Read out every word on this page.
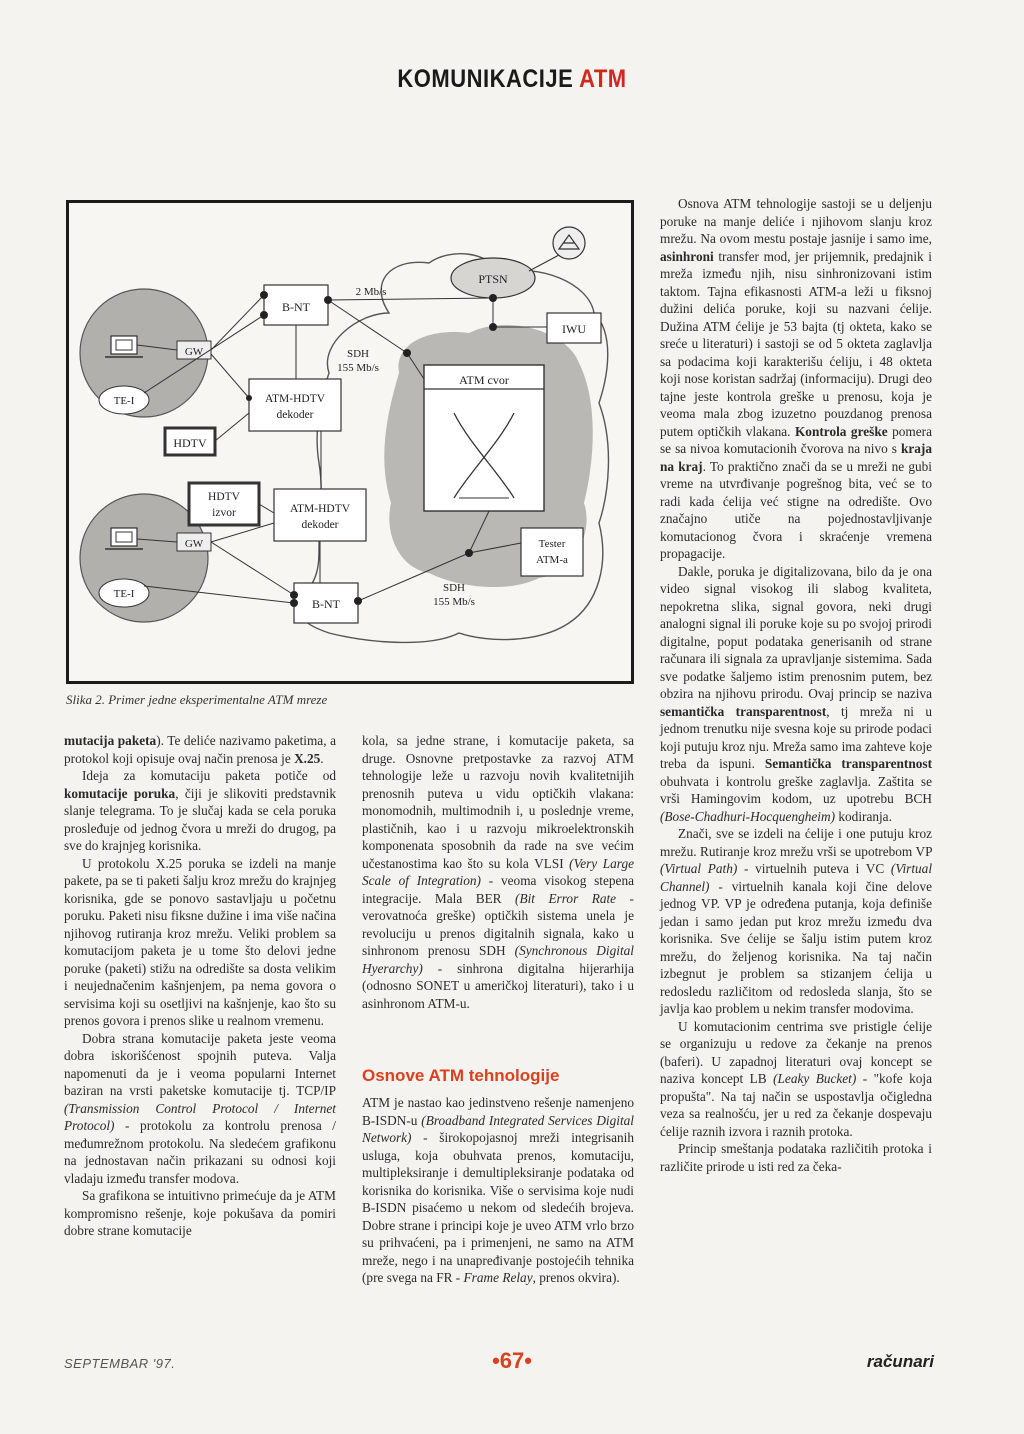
KOMUNIKACIJE ATM
PTSN
IWU
ATM cvor
Tester
ATM-a
B-NT
ATM-HDTV
dekoder
HDTV
GW
TE-I
HDTV
izvor	ATM-HDTV
dekoder
GW
TE-I
B-NT
2 Mb/s
SDH
155 Mb/s
SDH
155 Mb/s
Slika 2. Primer jedne eksperimentalne ATM mreze

mutacija paketa). Te deliće nazivamo paketima, a protokol koji opisuje ovaj način prenosa je X.25.

Ideja za komutaciju paketa potiče od komutacije poruka, čiji je slikoviti predstavnik slanje telegrama. To je slučaj kada se cela poruka prosleđuje od jednog čvora u mreži do drugog, pa sve do krajnjeg korisnika.

U protokolu X.25 poruka se izdeli na manje pakete, pa se ti paketi šalju kroz mrežu do krajnjeg korisnika, gde se ponovo sastavljaju u početnu poruku. Paketi nisu fiksne dužine i ima više načina njihovog rutiranja kroz mrežu. Veliki problem sa komutacijom paketa je u tome što delovi jedne poruke (paketi) stižu na odredište sa dosta velikim i neujednačenim kašnjenjem, pa nema govora o servisima koji su osetljivi na kašnjenje, kao što su prenos govora i prenos slike u realnom vremenu.

Dobra strana komutacije paketa jeste veoma dobra iskorišćenost spojnih puteva. Valja napomenuti da je i veoma popularni Internet baziran na vrsti paketske komutacije tj. TCP/IP (Transmission Control Protocol / Internet Protocol) - protokolu za kontrolu prenosa / međumrežnom protokolu. Na sledećem grafikonu na jednostavan način prikazani su odnosi koji vladaju između transfer modova.

Sa grafikona se intuitivno primećuje da je ATM kompromisno rešenje, koje pokušava da pomiri dobre strane komutacije

kola, sa jedne strane, i komutacije paketa, sa druge. Osnovne pretpostavke za razvoj ATM tehnologije leže u razvoju novih kvalitetnijih prenosnih puteva u vidu optičkih vlakana: monomodnih, multimodnih i, u poslednje vreme, plastičnih, kao i u razvoju mikroelektronskih komponenata sposobnih da rade na sve većim učestanostima kao što su kola VLSI (Very Large Scale of Integration) - veoma visokog stepena integracije. Mala BER (Bit Error Rate - verovatnoća greške) optičkih sistema unela je revoluciju u prenos digitalnih signala, kako u sinhronom prenosu SDH (Synchronous Digital Hyerarchy) - sinhrona digitalna hijerarhija (odnosno SONET u američkoj literaturi), tako i u asinhronom ATM-u.

Osnove ATM tehnologije

ATM je nastao kao jedinstveno rešenje namenjeno B-ISDN-u (Broadband Integrated Services Digital Network) - širokopojasnoj mreži integrisanih usluga, koja obuhvata prenos, komutaciju, multipleksiranje i demultipleksiranje podataka od korisnika do korisnika. Više o servisima koje nudi B-ISDN pisaćemo u nekom od sledećih brojeva. Dobre strane i principi koje je uveo ATM vrlo brzo su prihvaćeni, pa i primenjeni, ne samo na ATM mreže, nego i na unapređivanje postojećih tehnika (pre svega na FR - Frame Relay, prenos okvira).

Osnova ATM tehnologije sastoji se u deljenju poruke na manje deliće i njihovom slanju kroz mrežu. Na ovom mestu postaje jasnije i samo ime, asinhroni transfer mod, jer prijemnik, predajnik i mreža između njih, nisu sinhronizovani istim taktom. Tajna efikasnosti ATM-a leži u fiksnoj dužini delića poruke, koji su nazvani ćelije. Dužina ATM ćelije je 53 bajta (tj okteta, kako se sreće u literaturi) i sastoji se od 5 okteta zaglavlja sa podacima koji karakterišu ćeliju, i 48 okteta koji nose koristan sadržaj (informaciju). Drugi deo tajne jeste kontrola greške u prenosu, koja je veoma mala zbog izuzetno pouzdanog prenosa putem optičkih vlakana. Kontrola greške pomera se sa nivoa komutacionih čvorova na nivo s kraja na kraj. To praktično znači da se u mreži ne gubi vreme na utvrđivanje pogrešnog bita, već se to radi kada ćelija već stigne na odredište. Ovo značajno utiče na pojednostavljivanje komutacionog čvora i skraćenje vremena propagacije.

Dakle, poruka je digitalizovana, bilo da je ona video signal visokog ili slabog kvaliteta, nepokretna slika, signal govora, neki drugi analogni signal ili poruke koje su po svojoj prirodi digitalne, poput podataka generisanih od strane računara ili signala za upravljanje sistemima. Sada sve podatke šaljemo istim prenosnim putem, bez obzira na njihovu prirodu. Ovaj princip se naziva semantička transparentnost, tj mreža ni u jednom trenutku nije svesna koje su prirode podaci koji putuju kroz nju. Mreža samo ima zahteve koje treba da ispuni. Semantička transparentnost obuhvata i kontrolu greške zaglavlja. Zaštita se vrši Hamingovim kodom, uz upotrebu BCH (Bose-Chadhuri-Hocquengheim) kodiranja.

Znači, sve se izdeli na ćelije i one putuju kroz mrežu. Rutiranje kroz mrežu vrši se upotrebom VP (Virtual Path) - virtuelnih puteva i VC (Virtual Channel) - virtuelnih kanala koji čine delove jednog VP. VP je određena putanja, koja definiše jedan i samo jedan put kroz mrežu između dva korisnika. Sve ćelije se šalju istim putem kroz mrežu, do željenog korisnika. Na taj način izbegnut je problem sa stizanjem ćelija u redosledu različitom od redosleda slanja, što se javlja kao problem u nekim transfer modovima.

U komutacionim centrima sve pristigle ćelije se organizuju u redove za čekanje na prenos (baferi). U zapadnoj literaturi ovaj koncept se naziva koncept LB (Leaky Bucket) - "kofe koja propušta". Na taj način se uspostavlja očigledna veza sa realnošću, jer u red za čekanje dospevaju ćelije raznih izvora i raznih protoka.

Princip smeštanja podataka različitih protoka i različite prirode u isti red za čeka-

SEPTEMBAR '97.	•67•	računari
